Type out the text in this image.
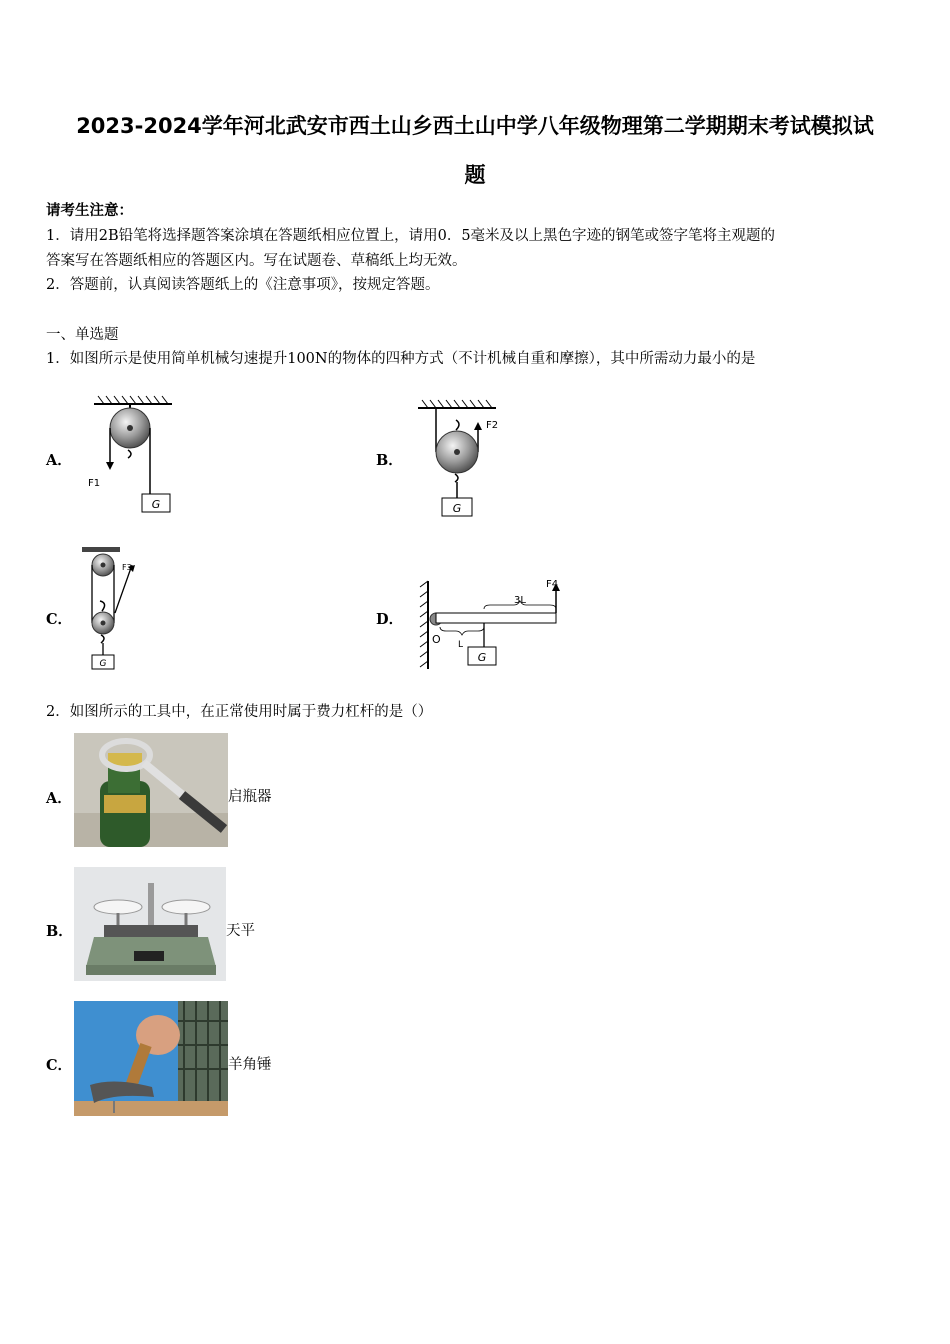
2023-2024学年河北武安市西土山乡西土山中学八年级物理第二学期期末考试模拟试
题
请考生注意：
1．请用2B铅笔将选择题答案涂填在答题纸相应位置上，请用0．5毫米及以上黑色字迹的钢笔或签字笔将主观题的
答案写在答题纸相应的答题区内。写在试题卷、草稿纸上均无效。
2．答题前，认真阅读答题纸上的《注意事项》，按规定答题。
一、单选题
1．如图所示是使用简单机械匀速提升100N的物体的四种方式（不计机械自重和摩擦），其中所需动力最小的是
A．	B．
C．	D．
G
F1
F2
G
F3
G
O
G
L
3L
F4
2．如图所示的工具中，在正常使用时属于费力杠杆的是（）
A．	启瓶器
B．	天平
C．	羊角锤
